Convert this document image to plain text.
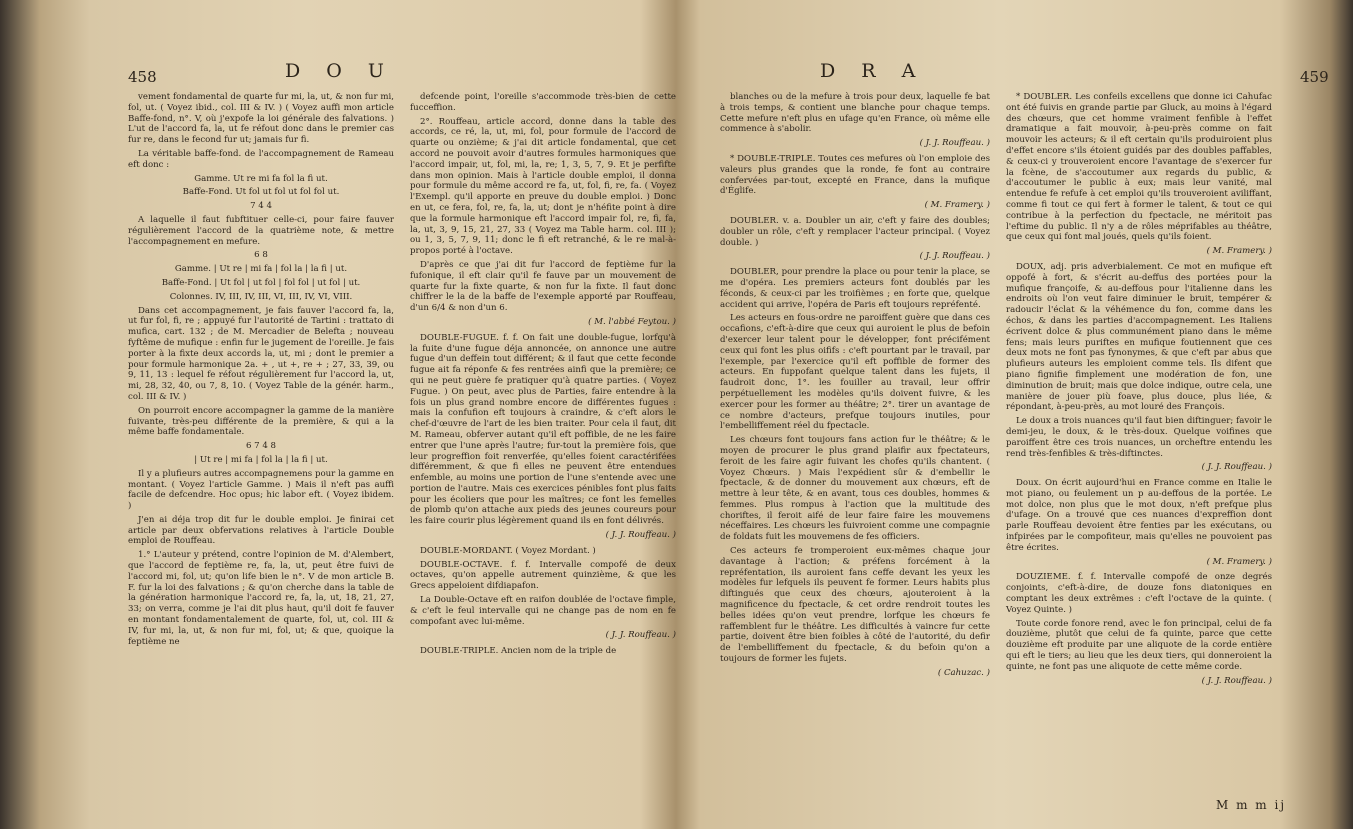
458	D O U

vement fondamental de quarte fur mi, la, ut, & non fur mi, fol, ut. ( Voyez ibid., col. III & IV. ) ( Voyez auffi mon article Baffe-fond, n°. V, où j'expofe la loi générale des falvations. ) L'ut de l'accord fa, la, ut fe réfout donc dans le premier cas fur re, dans le fecond fur ut; jamais fur fi.

La véritable baffe-fond. de l'accompagnement de Rameau eft donc :

Gamme. Ut re mi fa fol la fi ut.

Baffe-Fond. Ut fol ut fol ut fol fol ut.

7 4 4

A laquelle il faut fubftituer celle-ci, pour faire fauver régulièrement l'accord de la quatrième note, & mettre l'accompagnement en mefure.

6 8

Gamme. | Ut re | mi fa | fol la | la fi | ut.

Baffe-Fond. | Ut fol | ut fol | fol fol | ut fol | ut.

Colonnes. IV, III, IV, III, VI, III, IV, VI, VIII.

Dans cet accompagnement, je fais fauver l'accord fa, la, ut fur fol, fi, re ; appuyé fur l'autorité de Tartini : trattato di mufica, cart. 132 ; de M. Mercadier de Belefta ; nouveau fyftême de mufique : enfin fur le jugement de l'oreille. Je fais porter à la fixte deux accords la, ut, mi ; dont le premier a pour formule harmonique 2a. + , ut +, re + ; 27, 33, 39, ou 9, 11, 13 : lequel fe réfout régulièrement fur l'accord la, ut, mi, 28, 32, 40, ou 7, 8, 10. ( Voyez Table de la génér. harm., col. III & IV. )

On pourroit encore accompagner la gamme de la manière fuivante, très-peu différente de la première, & qui a la même baffe fondamentale.

6 7 4 8

| Ut re | mi fa | fol la | la fi | ut.

Il y a plufieurs autres accompagnemens pour la gamme en montant. ( Voyez l'article Gamme. ) Mais il n'eft pas auffi facile de defcendre. Hoc opus; hic labor eft. ( Voyez ibidem. )

J'en ai déja trop dit fur le double emploi. Je finirai cet article par deux obfervations relatives à l'article Double emploi de Rouffeau.

1.° L'auteur y prétend, contre l'opinion de M. d'Alembert, que l'accord de feptième re, fa, la, ut, peut être fuivi de l'accord mi, fol, ut; qu'on life bien le n°. V de mon article B. F. fur la loi des falvations ; & qu'on cherche dans la table de la génération harmonique l'accord re, fa, la, ut, 18, 21, 27, 33; on verra, comme je l'ai dit plus haut, qu'il doit fe fauver en montant fondamentalement de quarte, fol, ut, col. III & IV, fur mi, la, ut, & non fur mi, fol, ut; & que, quoique la feptième ne

defcende point, l'oreille s'accommode très-bien de cette fucceffion.

2°. Rouffeau, article accord, donne dans la table des accords, ce ré, la, ut, mi, fol, pour formule de l'accord de quarte ou onzième; & j'ai dit article fondamental, que cet accord ne pouvoit avoir d'autres formules harmoniques que l'accord impair, ut, fol, mi, la, re; 1, 3, 5, 7, 9. Et je perfifte dans mon opinion. Mais à l'article double emploi, il donna pour formule du même accord re fa, ut, fol, fi, re, fa. ( Voyez l'Exempl. qu'il apporte en preuve du double emploi. ) Donc en ut, ce fera, fol, re, fa, la, ut; dont je n'héfite point à dire que la formule harmonique eft l'accord impair fol, re, fi, fa, la, ut, 3, 9, 15, 21, 27, 33 ( Voyez ma Table harm. col. III ); ou 1, 3, 5, 7, 9, 11; donc le fi eft retranché, & le re mal-à-propos porté à l'octave.

D'après ce que j'ai dit fur l'accord de feptième fur la fufonique, il eft clair qu'il fe fauve par un mouvement de quarte fur la fixte quarte, & non fur la fixte. Il faut donc chiffrer le la de la baffe de l'exemple apporté par Rouffeau, d'un 6/4 & non d'un 6.

( M. l'abbé Feytou. )

DOUBLE-FUGUE. f. f. On fait une double-fugue, lorfqu'à la fuite d'une fugue déja annoncée, on annonce une autre fugue d'un deffein tout différent; & il faut que cette feconde fugue ait fa réponfe & fes rentrées ainfi que la première; ce qui ne peut guère fe pratiquer qu'à quatre parties. ( Voyez Fugue. ) On peut, avec plus de Parties, faire entendre à la fois un plus grand nombre encore de différentes fugues : mais la confufion eft toujours à craindre, & c'eft alors le chef-d'œuvre de l'art de les bien traiter. Pour cela il faut, dit M. Rameau, obferver autant qu'il eft poffible, de ne les faire entrer que l'une après l'autre; fur-tout la première fois, que leur progreffion foit renverfée, qu'elles foient caractérifées différemment, & que fi elles ne peuvent être entendues enfemble, au moins une portion de l'une s'entende avec une portion de l'autre. Mais ces exercices pénibles font plus faits pour les écoliers que pour les maîtres; ce font les femelles de plomb qu'on attache aux pieds des jeunes coureurs pour les faire courir plus légèrement quand ils en font délivrés.

( J. J. Rouffeau. )

DOUBLE-MORDANT. ( Voyez Mordant. )

DOUBLE-OCTAVE. f. f. Intervalle compofé de deux octaves, qu'on appelle autrement quinzième, & que les Grecs appeloient difdiapafon.

La Double-Octave eft en raifon doublée de l'octave fimple, & c'eft le feul intervalle qui ne change pas de nom en fe compofant avec lui-même.

( J. J. Rouffeau. )

DOUBLE-TRIPLE. Ancien nom de la triple de

D R A	459

blanches ou de la mefure à trois pour deux, laquelle fe bat à trois temps, & contient une blanche pour chaque temps. Cette mefure n'eft plus en ufage qu'en France, où même elle commence à s'abolir.

( J. J. Rouffeau. )

* DOUBLE-TRIPLE. Toutes ces mefures où l'on emploie des valeurs plus grandes que la ronde, fe font au contraire confervées par-tout, excepté en France, dans la mufique d'Églife.

( M. Framery. )

DOUBLER. v. a. Doubler un air, c'eft y faire des doubles; doubler un rôle, c'eft y remplacer l'acteur principal. ( Voyez double. )

( J. J. Rouffeau. )

DOUBLER, pour prendre la place ou pour tenir la place, se me d'opéra. Les premiers acteurs font doublés par les féconds, & ceux-ci par les troifièmes ; en forte que, quelque accident qui arrive, l'opéra de Paris eft toujours repréfenté.

Les acteurs en fous-ordre ne paroiffent guère que dans ces occafions, c'eft-à-dire que ceux qui auroient le plus de befoin d'exercer leur talent pour le développer, font précifément ceux qui font les plus oififs : c'eft pourtant par le travail, par l'exemple, par l'exercice qu'il eft poffible de former des acteurs. En fuppofant quelque talent dans les fujets, il faudroit donc, 1°. les fouiller au travail, leur offrir perpétuellement les modèles qu'ils doivent fuivre, & les exercer pour les former au théâtre; 2°. tirer un avantage de ce nombre d'acteurs, prefque toujours inutiles, pour l'embelliffement réel du fpectacle.

Les chœurs font toujours fans action fur le théâtre; & le moyen de procurer le plus grand plaifir aux fpectateurs, feroit de les faire agir fuivant les chofes qu'ils chantent. ( Voyez Chœurs. ) Mais l'expédient sûr & d'embellir le fpectacle, & de donner du mouvement aux chœurs, eft de mettre à leur tête, & en avant, tous ces doubles, hommes & femmes. Plus rompus à l'action que la multitude des choriftes, il feroit aifé de leur faire faire les mouvemens néceffaires. Les chœurs les fuivroient comme une compagnie de foldats fuit les mouvemens de fes officiers.

Ces acteurs fe tromperoient eux-mêmes chaque jour davantage à l'action; & préfens forcément à la repréfentation, ils auroient fans ceffe devant les yeux les modèles fur lefquels ils peuvent fe former. Leurs habits plus diftingués que ceux des chœurs, ajouteroient à la magnificence du fpectacle, & cet ordre rendroit toutes les belles idées qu'on veut prendre, lorfque les chœurs fe raffemblent fur le théâtre. Les difficultés à vaincre fur cette partie, doivent être bien foibles à côté de l'autorité, du defir de l'embelliffement du fpectacle, & du befoin qu'on a toujours de former les fujets.

( Cahuzac. )

* DOUBLER. Les confeils excellens que donne ici Cahufac ont été fuivis en grande partie par Gluck, au moins à l'égard des chœurs, que cet homme vraiment fenfible à l'effet dramatique a fait mouvoir, à-peu-près comme on fait mouvoir les acteurs; & il eft certain qu'ils produiroient plus d'effet encore s'ils étoient guidés par des doubles paffables, & ceux-ci y trouveroient encore l'avantage de s'exercer fur la fcène, de s'accoutumer aux regards du public, & d'accoutumer le public à eux; mais leur vanité, mal entendue fe refufe à cet emploi qu'ils trouveroient aviliffant, comme fi tout ce qui fert à former le talent, & tout ce qui contribue à la perfection du fpectacle, ne méritoit pas l'eftime du public. Il n'y a de rôles méprifables au théâtre, que ceux qui font mal joués, quels qu'ils foient.

( M. Framery. )

DOUX, adj. pris adverbialement. Ce mot en mufique eft oppofé à fort, & s'écrit au-deffus des portées pour la mufique françoife, & au-deffous pour l'italienne dans les endroits où l'on veut faire diminuer le bruit, tempérer & radoucir l'éclat & la véhémence du fon, comme dans les échos, & dans les parties d'accompagnement. Les Italiens écrivent dolce & plus communément piano dans le même fens; mais leurs puriftes en mufique foutiennent que ces deux mots ne font pas fynonymes, & que c'eft par abus que plufieurs auteurs les emploient comme tels. Ils difent que piano fignifie fimplement une modération de fon, une diminution de bruit; mais que dolce indique, outre cela, une manière de jouer più foave, plus douce, plus liée, & répondant, à-peu-près, au mot louré des François.

Le doux a trois nuances qu'il faut bien diftinguer; favoir le demi-jeu, le doux, & le très-doux. Quelque voifines que paroiffent être ces trois nuances, un orcheftre entendu les rend très-fenfibles & très-diftinctes.

( J. J. Rouffeau. )

Doux. On écrit aujourd'hui en France comme en Italie le mot piano, ou feulement un p au-deffous de la portée. Le mot dolce, non plus que le mot doux, n'eft prefque plus d'ufage. On a trouvé que ces nuances d'expreffion dont parle Rouffeau devoient être fenties par les exécutans, ou infpirées par le compofiteur, mais qu'elles ne pouvoient pas être écrites.

( M. Framery. )

DOUZIEME. f. f. Intervalle compofé de onze degrés conjoints, c'eft-à-dire, de douze fons diatoniques en comptant les deux extrêmes : c'eft l'octave de la quinte. ( Voyez Quinte. )

Toute corde fonore rend, avec le fon principal, celui de fa douzième, plutôt que celui de fa quinte, parce que cette douzième eft produite par une aliquote de la corde entière qui eft le tiers; au lieu que les deux tiers, qui donneroient la quinte, ne font pas une aliquote de cette même corde.

( J. J. Rouffeau. )

M m m ij
